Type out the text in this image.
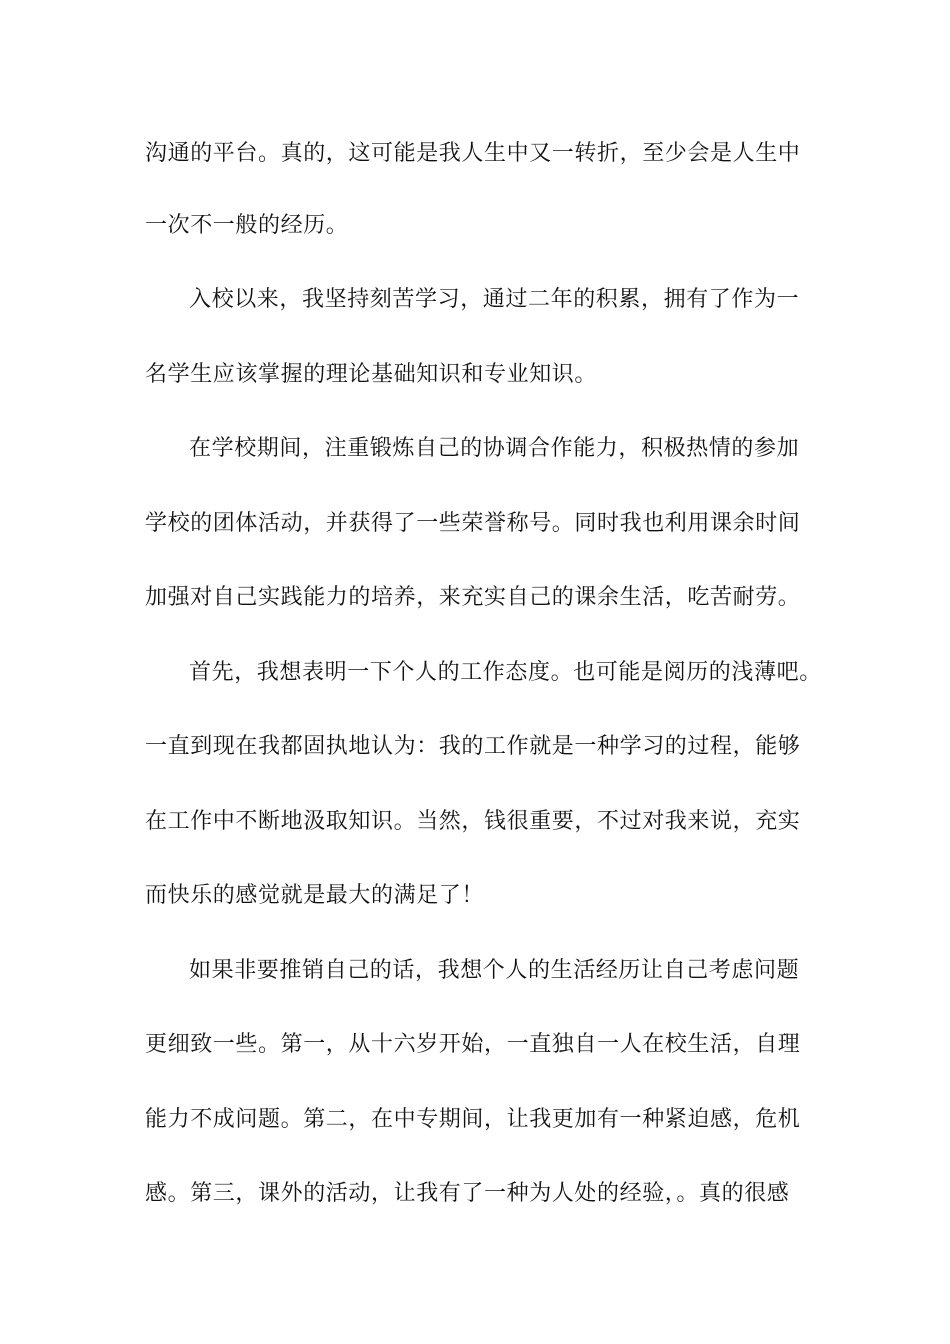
沟通的平台。真的，这可能是我人生中又一转折，至少会是人生中
一次不一般的经历。
入校以来，我坚持刻苦学习，通过二年的积累，拥有了作为一
名学生应该掌握的理论基础知识和专业知识。
在学校期间，注重锻炼自己的协调合作能力，积极热情的参加
学校的团体活动，并获得了一些荣誉称号。同时我也利用课余时间
加强对自己实践能力的培养，来充实自己的课余生活，吃苦耐劳。
首先，我想表明一下个人的工作态度。也可能是阅历的浅薄吧。
一直到现在我都固执地认为：我的工作就是一种学习的过程，能够
在工作中不断地汲取知识。当然，钱很重要，不过对我来说，充实
而快乐的感觉就是最大的满足了！
如果非要推销自己的话，我想个人的生活经历让自己考虑问题
更细致一些。第一，从十六岁开始，一直独自一人在校生活，自理
能力不成问题。第二，在中专期间，让我更加有一种紧迫感，危机
感。第三，课外的活动，让我有了一种为人处的经验，。真的很感
